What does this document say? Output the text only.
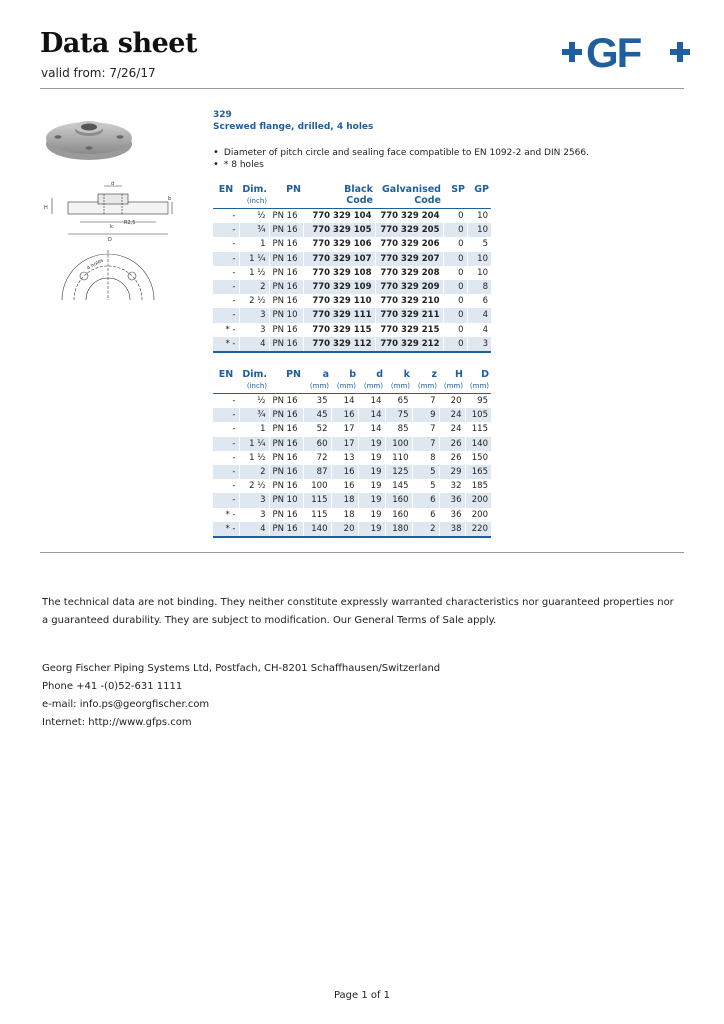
Data sheet
valid from: 7/26/17	GF
d
H
b
k
D
R2,5
4 holes
329
Screwed flange, drilled, 4 holes
• Diameter of pitch circle and sealing face compatible to EN 1092-2 and DIN 2566.
• * 8 holes
EN	Dim.	PN	Black	Galvanised	SP	GP
	(inch)		Code	Code		
-	½	PN 16	770 329 104	770 329 204	0	10
-	¾	PN 16	770 329 105	770 329 205	0	10
-	1	PN 16	770 329 106	770 329 206	0	5
-	1 ¼	PN 16	770 329 107	770 329 207	0	10
-	1 ½	PN 16	770 329 108	770 329 208	0	10
-	2	PN 16	770 329 109	770 329 209	0	8
-	2 ½	PN 16	770 329 110	770 329 210	0	6
-	3	PN 10	770 329 111	770 329 211	0	4
* -	3	PN 16	770 329 115	770 329 215	0	4
* -	4	PN 16	770 329 112	770 329 212	0	3
EN	Dim.	PN	a	b	d	k	z	H	D
	(inch)		(mm)	(mm)	(mm)	(mm)	(mm)	(mm)	(mm)
-	½	PN 16	35	14	14	65	7	20	95
-	¾	PN 16	45	16	14	75	9	24	105
-	1	PN 16	52	17	14	85	7	24	115
-	1 ¼	PN 16	60	17	19	100	7	26	140
-	1 ½	PN 16	72	13	19	110	8	26	150
-	2	PN 16	87	16	19	125	5	29	165
-	2 ½	PN 16	100	16	19	145	5	32	185
-	3	PN 10	115	18	19	160	6	36	200
* -	3	PN 16	115	18	19	160	6	36	200
* -	4	PN 16	140	20	19	180	2	38	220
The technical data are not binding. They neither constitute expressly warranted characteristics nor guaranteed properties nor a guaranteed durability. They are subject to modification. Our General Terms of Sale apply.
Georg Fischer Piping Systems Ltd, Postfach, CH-8201 Schaffhausen/Switzerland
Phone +41 -(0)52-631 1111
e-mail: info.ps@georgfischer.com
Internet: http://www.gfps.com
Page 1 of 1
